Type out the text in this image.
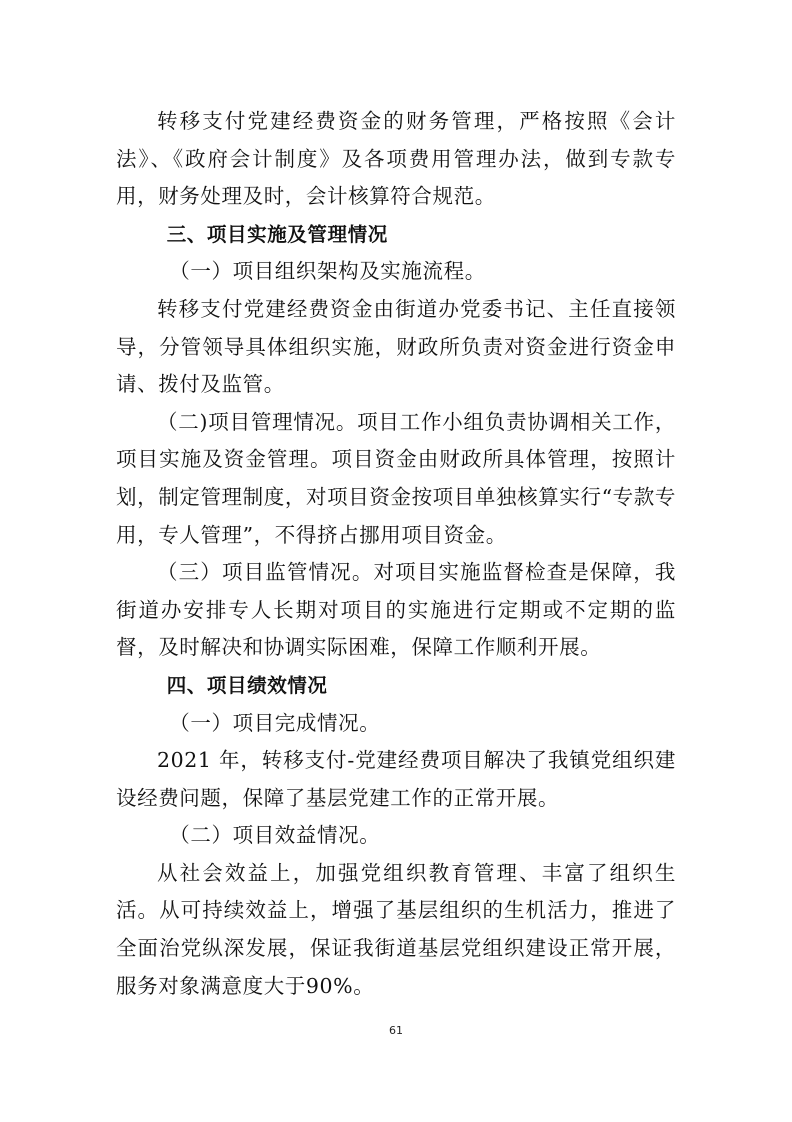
转移支付党建经费资金的财务管理，严格按照《会计法》、《政府会计制度》及各项费用管理办法，做到专款专用，财务处理及时，会计核算符合规范。

三、项目实施及管理情况

（一）项目组织架构及实施流程。

转移支付党建经费资金由街道办党委书记、主任直接领导，分管领导具体组织实施，财政所负责对资金进行资金申请、拨付及监管。

（二)项目管理情况。项目工作小组负责协调相关工作，项目实施及资金管理。项目资金由财政所具体管理，按照计划，制定管理制度，对项目资金按项目单独核算实行“专款专用，专人管理”，不得挤占挪用项目资金。

（三）项目监管情况。对项目实施监督检查是保障，我街道办安排专人长期对项目的实施进行定期或不定期的监督，及时解决和协调实际困难，保障工作顺利开展。

四、项目绩效情况

（一）项目完成情况。

2021 年，转移支付-党建经费项目解决了我镇党组织建设经费问题，保障了基层党建工作的正常开展。

（二）项目效益情况。

从社会效益上，加强党组织教育管理、丰富了组织生活。从可持续效益上，增强了基层组织的生机活力，推进了全面治党纵深发展，保证我街道基层党组织建设正常开展，服务对象满意度大于90%。

61
